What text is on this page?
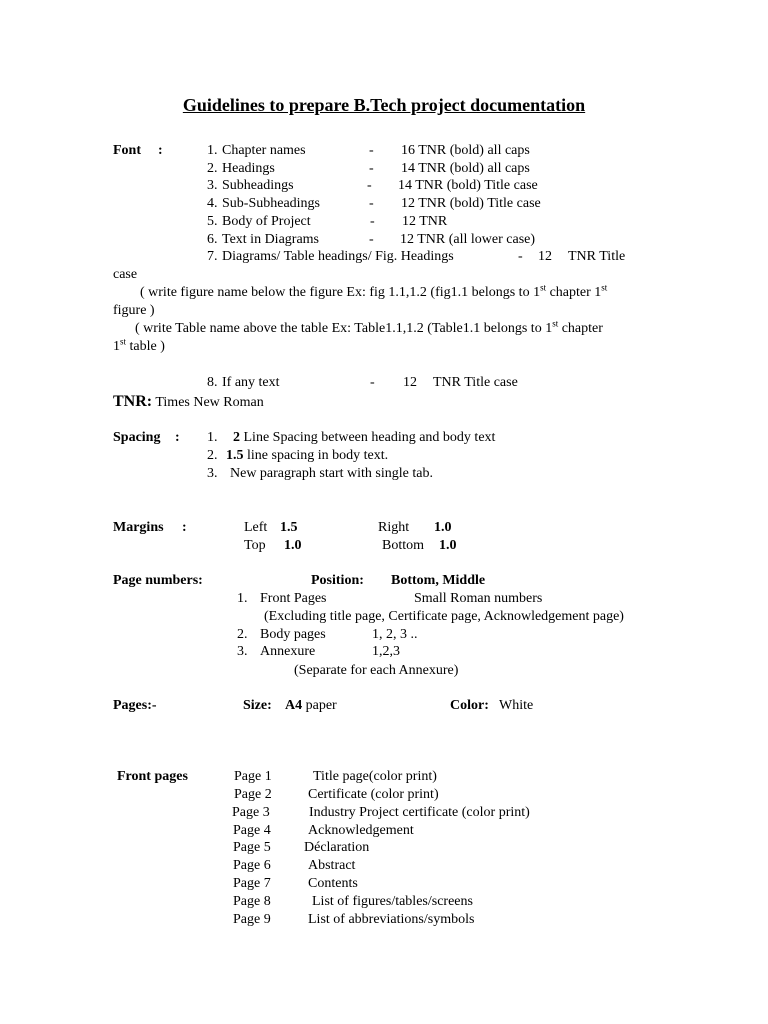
Guidelines to prepare B.Tech project documentation
Font :	1. Chapter names	- 16 TNR (bold) all caps
2. Headings	- 14 TNR (bold) all caps
3. Subheadings	- 14 TNR (bold) Title case
4. Sub-Subheadings	- 12 TNR (bold) Title case
5. Body of Project	- 12 TNR
6. Text in Diagrams	- 12 TNR (all lower case)
7. Diagrams/ Table headings/ Fig. Headings	- 12 TNR Title
case
( write figure name below the figure Ex: fig 1.1,1.2 (fig1.1 belongs to 1st chapter 1st
figure )
( write Table name above the table Ex: Table1.1,1.2 (Table1.1 belongs to 1st chapter
1st table )
8. If any text	- 12 TNR Title case
TNR: Times New Roman
Spacing : 1. 2 Line Spacing between heading and body text
2. 1.5 line spacing in body text.
3. New paragraph start with single tab.
Margins :	Left 1.5	Right 1.0
Top 1.0	Bottom 1.0
Page numbers:	Position: Bottom, Middle
1. Front Pages	Small Roman numbers
(Excluding title page, Certificate page, Acknowledgement page)
2. Body pages	1, 2, 3 ..
3. Annexure	1,2,3
(Separate for each Annexure)
Pages:-	Size: A4 paper	Color: White
Front pages	Page 1	Title page(color print)
Page 2	Certificate (color print)
Page 3	Industry Project certificate (color print)
Page 4	Acknowledgement
Page 5 Déclaration
Page 6	Abstract
Page 7	Contents
Page 8	List of figures/tables/screens
Page 9	List of abbreviations/symbols
